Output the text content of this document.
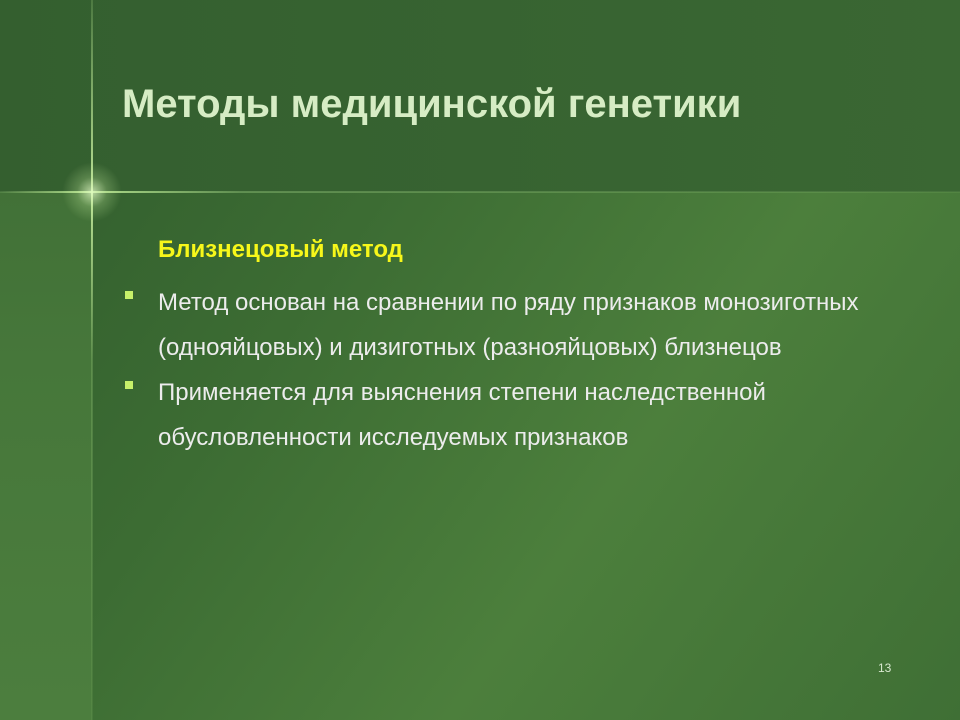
Методы медицинской генетики
Близнецовый метод
Метод основан на сравнении по ряду признаков монозиготных (однояйцовых) и дизиготных (разнояйцовых) близнецов
Применяется для выяснения степени наследственной обусловленности исследуемых признаков
13
